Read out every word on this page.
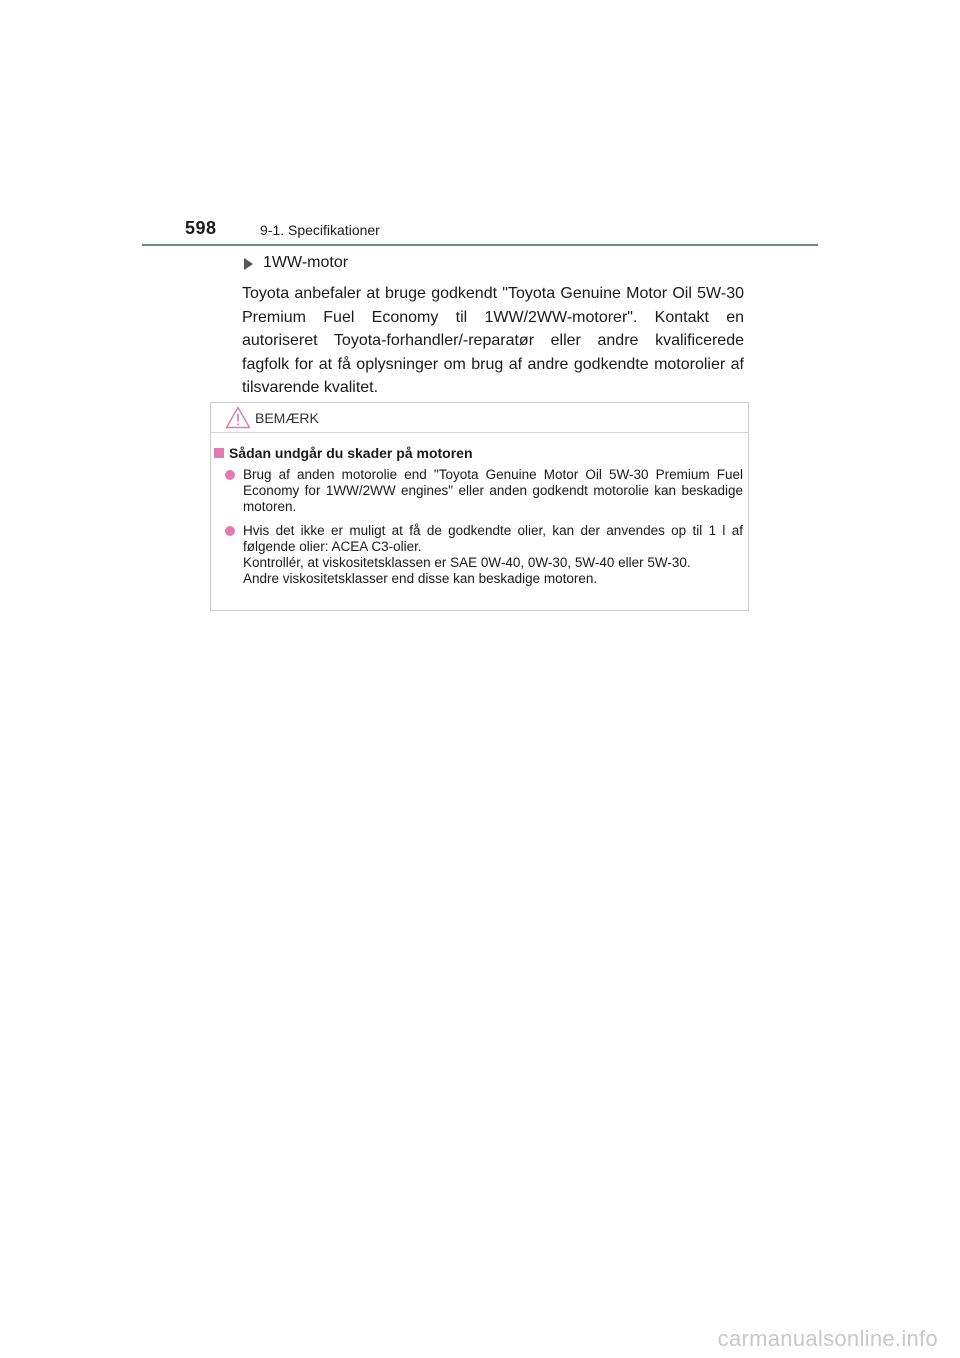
598	9-1. Specifikationer
1WW-motor

Toyota anbefaler at bruge godkendt "Toyota Genuine Motor Oil 5W-30 Premium Fuel Economy til 1WW/2WW-motorer". Kontakt en autoriseret Toyota-forhandler/-reparatør eller andre kvalificerede fagfolk for at få oplysninger om brug af andre godkendte motorolier af tilsvarende kvalitet.

BEMÆRK
Sådan undgår du skader på motoren
Brug af anden motorolie end "Toyota Genuine Motor Oil 5W-30 Premium Fuel Economy for 1WW/2WW engines" eller anden godkendt motorolie kan beskadige motoren.
Hvis det ikke er muligt at få de godkendte olier, kan der anvendes op til 1 l af følgende olier: ACEA C3-olier.
Kontrollér, at viskositetsklassen er SAE 0W-40, 0W-30, 5W-40 eller 5W-30.
Andre viskositetsklasser end disse kan beskadige motoren.
carmanualsonline.info
